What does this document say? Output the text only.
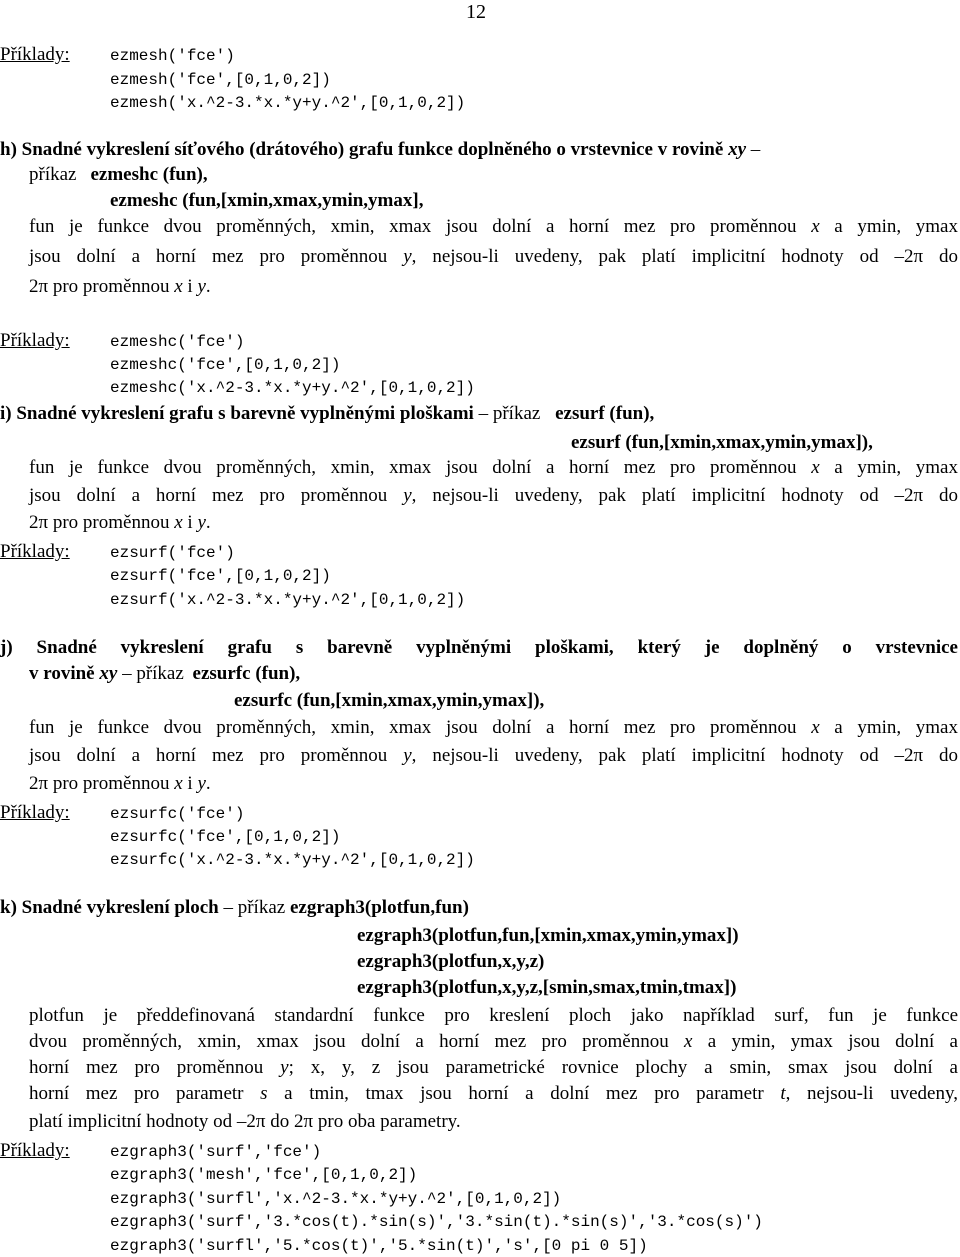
12
Příklady:	ezmesh('fce')
ezmesh('fce',[0,1,0,2])
ezmesh('x.^2-3.*x.*y+y.^2',[0,1,0,2])
h) Snadné vykreslení síťového (drátového) grafu funkce doplněného o vrstevnice v rovině xy –
příkaz ezmeshc (fun),
ezmeshc (fun,[xmin,xmax,ymin,ymax],
fun je funkce dvou proměnných, xmin, xmax jsou dolní a horní mez pro proměnnou x a ymin, ymax
jsou dolní a horní mez pro proměnnou y, nejsou-li uvedeny, pak platí implicitní hodnoty od –2π do
2π pro proměnnou x i y.
Příklady:	ezmeshc('fce')
ezmeshc('fce',[0,1,0,2])
ezmeshc('x.^2-3.*x.*y+y.^2',[0,1,0,2])
i) Snadné vykreslení grafu s barevně vyplněnými ploškami – příkaz ezsurf (fun),
ezsurf (fun,[xmin,xmax,ymin,ymax]),
fun je funkce dvou proměnných, xmin, xmax jsou dolní a horní mez pro proměnnou x a ymin, ymax
jsou dolní a horní mez pro proměnnou y, nejsou-li uvedeny, pak platí implicitní hodnoty od –2π do
2π pro proměnnou x i y.
Příklady:	ezsurf('fce')
ezsurf('fce',[0,1,0,2])
ezsurf('x.^2-3.*x.*y+y.^2',[0,1,0,2])
j) Snadné vykreslení grafu s barevně vyplněnými ploškami, který je doplněný o vrstevnice
v rovině xy – příkaz ezsurfc (fun),
ezsurfc (fun,[xmin,xmax,ymin,ymax]),
fun je funkce dvou proměnných, xmin, xmax jsou dolní a horní mez pro proměnnou x a ymin, ymax
jsou dolní a horní mez pro proměnnou y, nejsou-li uvedeny, pak platí implicitní hodnoty od –2π do
2π pro proměnnou x i y.
Příklady:	ezsurfc('fce')
ezsurfc('fce',[0,1,0,2])
ezsurfc('x.^2-3.*x.*y+y.^2',[0,1,0,2])
k) Snadné vykreslení ploch – příkaz ezgraph3(plotfun,fun)
ezgraph3(plotfun,fun,[xmin,xmax,ymin,ymax])
ezgraph3(plotfun,x,y,z)
ezgraph3(plotfun,x,y,z,[smin,smax,tmin,tmax])
plotfun je předdefinovaná standardní funkce pro kreslení ploch jako například surf, fun je funkce
dvou proměnných, xmin, xmax jsou dolní a horní mez pro proměnnou x a ymin, ymax jsou dolní a
horní mez pro proměnnou y; x, y, z jsou parametrické rovnice plochy a smin, smax jsou dolní a
horní mez pro parametr s a tmin, tmax jsou horní a dolní mez pro parametr t, nejsou-li uvedeny,
platí implicitní hodnoty od –2π do 2π pro oba parametry.
Příklady:	ezgraph3('surf','fce')
ezgraph3('mesh','fce',[0,1,0,2])
ezgraph3('surfl','x.^2-3.*x.*y+y.^2',[0,1,0,2])
ezgraph3('surf','3.*cos(t).*sin(s)','3.*sin(t).*sin(s)','3.*cos(s)')
ezgraph3('surfl','5.*cos(t)','5.*sin(t)','s',[0 pi 0 5])
